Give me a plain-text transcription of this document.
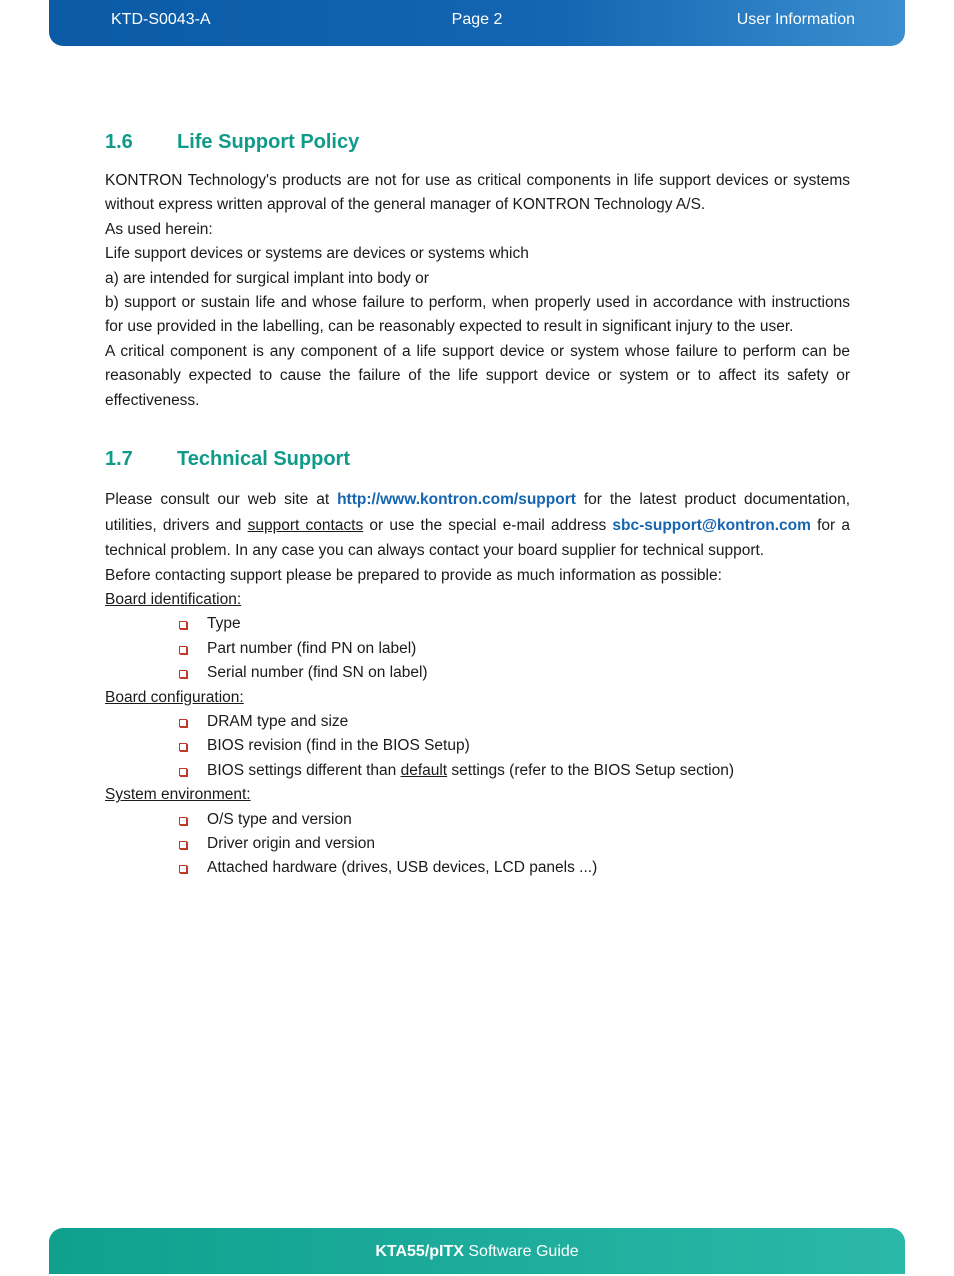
KTD-S0043-A	Page 2	User Information
1.6 Life Support Policy

KONTRON Technology's products are not for use as critical components in life support devices or systems without express written approval of the general manager of KONTRON Technology A/S.

As used herein:

Life support devices or systems are devices or systems which

a) are intended for surgical implant into body or

b) support or sustain life and whose failure to perform, when properly used in accordance with instructions for use provided in the labelling, can be reasonably expected to result in significant injury to the user.

A critical component is any component of a life support device or system whose failure to perform can be reasonably expected to cause the failure of the life support device or system or to affect its safety or effectiveness.

1.7 Technical Support

Please consult our web site at http://www.kontron.com/support for the latest product documentation, utilities, drivers and support contacts or use the special e-mail address sbc-support@kontron.com for a technical problem. In any case you can always contact your board supplier for technical support.

Before contacting support please be prepared to provide as much information as possible:

Board identification:

Type
Part number (find PN on label)
Serial number (find SN on label)

Board configuration:

DRAM type and size
BIOS revision (find in the BIOS Setup)
BIOS settings different than default settings (refer to the BIOS Setup section)

System environment:

O/S type and version
Driver origin and version
Attached hardware (drives, USB devices, LCD panels ...)
KTA55/pITX Software Guide
